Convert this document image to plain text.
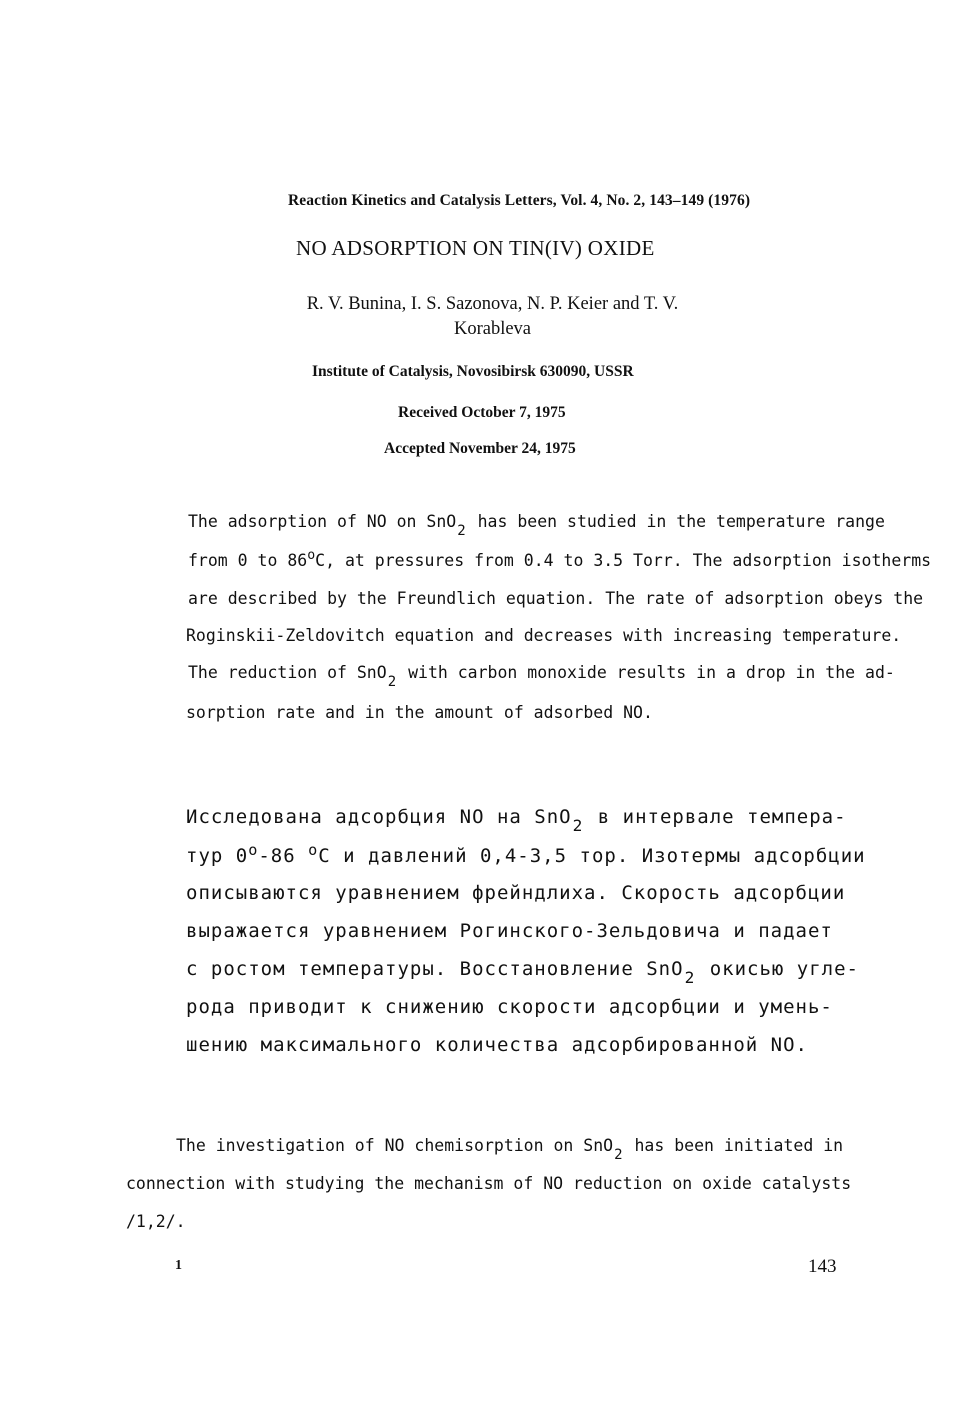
Reaction Kinetics and Catalysis Letters, Vol. 4, No. 2, 143–149 (1976)
NO ADSORPTION ON TIN(IV) OXIDE
R. V. Bunina, I. S. Sazonova, N. P. Keier and T. V. Korableva
Institute of Catalysis, Novosibirsk 630090, USSR
Received October 7, 1975
Accepted November 24, 1975
The adsorption of NO on SnO$_2$ has been studied in the temperature range
from 0 to 86$^o$C, at pressures from 0.4 to 3.5 Torr. The adsorption isotherms
are described by the Freundlich equation. The rate of adsorption obeys the
Roginskii-Zeldovitch equation and decreases with increasing temperature.
The reduction of SnO$_2$ with carbon monoxide results in a drop in the ad-
sorption rate and in the amount of adsorbed NO.
Исследована адсорбция NO на SnO$_2$ в интервале темпера-
тур $0^о-86$ $^о$С и давлений 0,4-3,5 тор. Изотермы адсорбции
описываются уравнением фрейндлиха. Скорость адсорбции
выражается уравнением Рогинского-Зельдовича и падает
с ростом температуры. Восстановление SnO$_2$ окисью угле-
рода приводит к снижению скорости адсорбции и умень-
шению максимального количества адсорбированной NO.
The investigation of NO chemisorption on SnO$_2$ has been initiated in
connection with studying the mechanism of NO reduction on oxide catalysts
/1,2/.
1	143
